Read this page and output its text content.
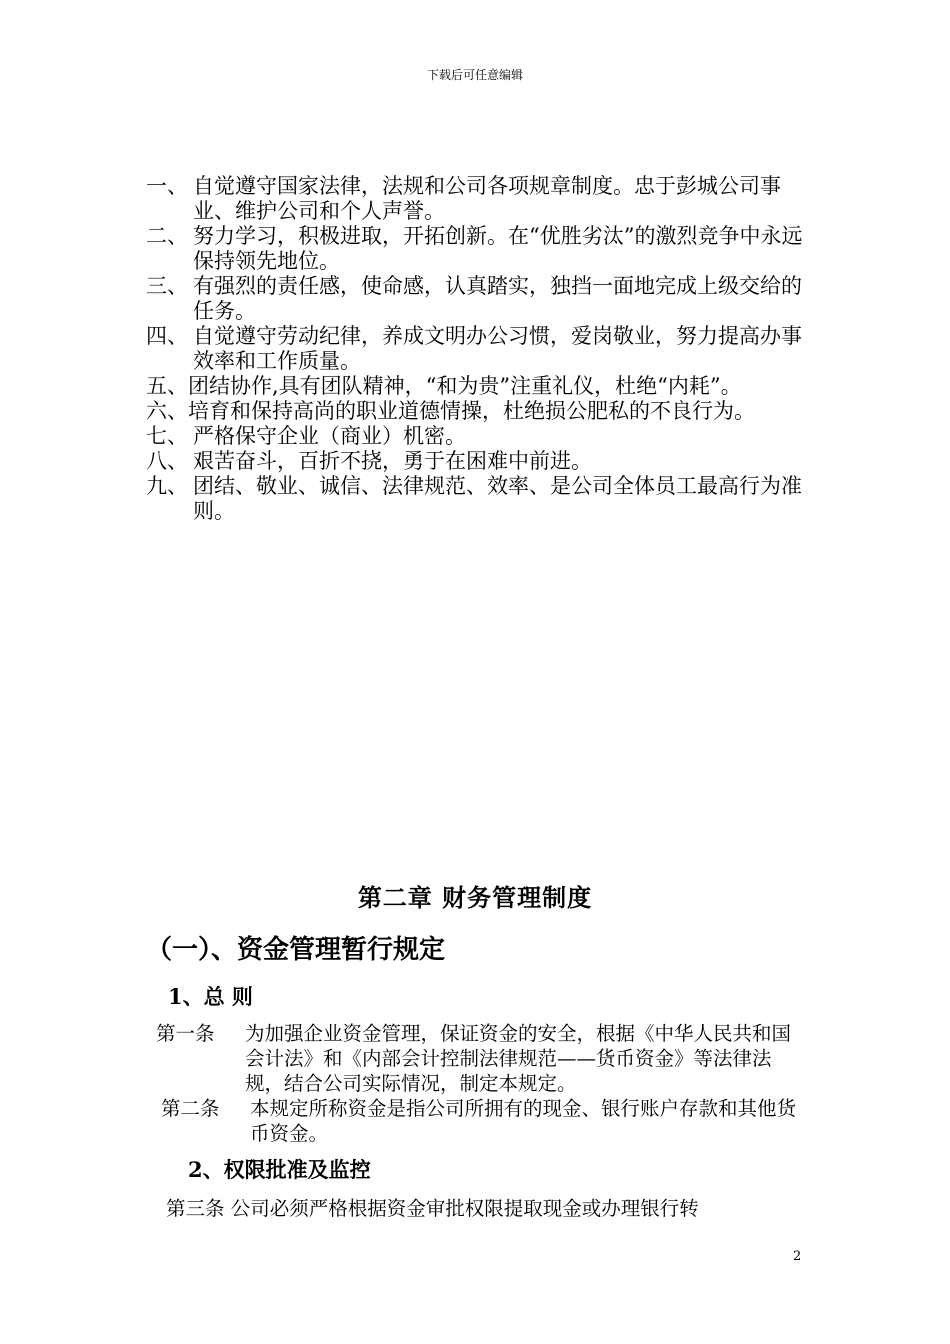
下载后可任意编辑
一、 自觉遵守国家法律，法规和公司各项规章制度。忠于彭城公司事业、维护公司和个人声誉。
二、 努力学习，积极进取，开拓创新。在“优胜劣汰”的激烈竞争中永远保持领先地位。
三、 有强烈的责任感，使命感，认真踏实，独挡一面地完成上级交给的任务。
四、 自觉遵守劳动纪律，养成文明办公习惯，爱岗敬业，努力提高办事效率和工作质量。
五、团结协作,具有团队精神，“和为贵”注重礼仪，杜绝“内耗”。
六、培育和保持高尚的职业道德情操，杜绝损公肥私的不良行为。
七、 严格保守企业（商业）机密。
八、 艰苦奋斗，百折不挠，勇于在困难中前进。
九、 团结、敬业、诚信、法律规范、效率、是公司全体员工最高行为准则。
第二章 财务管理制度
（一）、资金管理暂行规定
1、总 则
第一条	为加强企业资金管理，保证资金的安全，根据《中华人民共和国会计法》和《内部会计控制法律规范——货币资金》等法律法规，结合公司实际情况，制定本规定。
第二条	本规定所称资金是指公司所拥有的现金、银行账户存款和其他货币资金。
2、权限批准及监控
第三条 公司必须严格根据资金审批权限提取现金或办理银行转
2
